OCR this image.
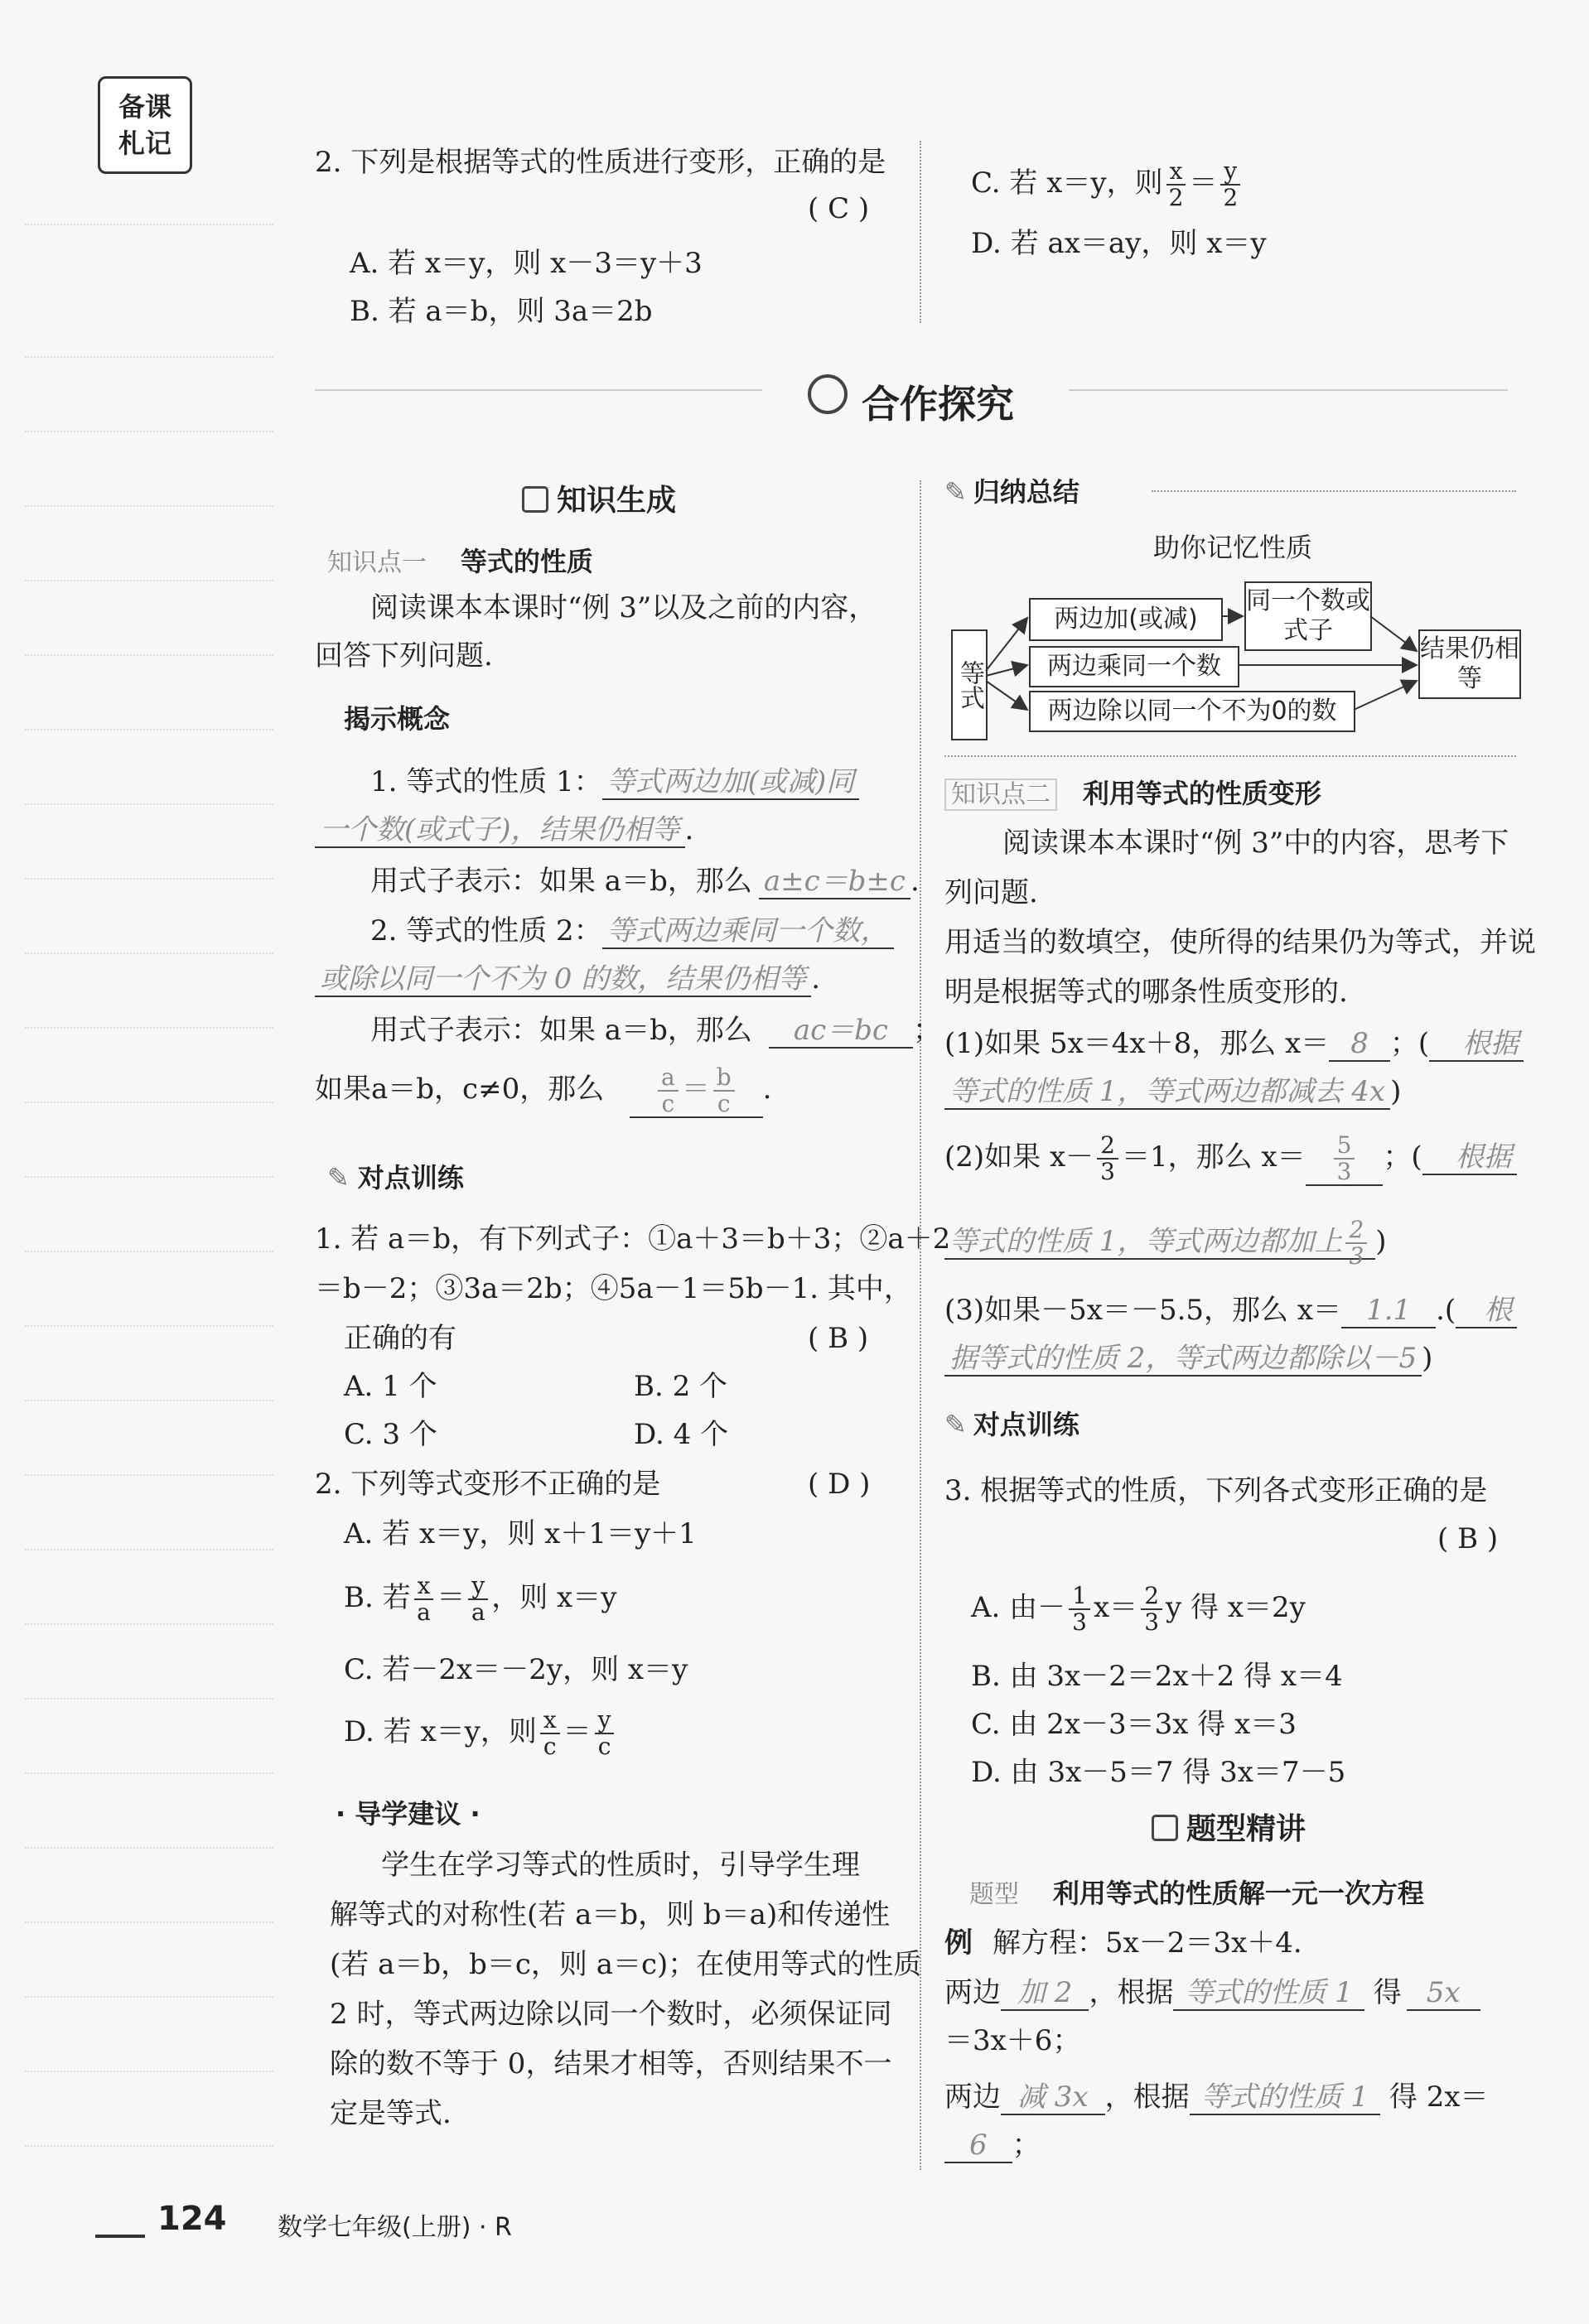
备课
札记
2. 下列是根据等式的性质进行变形，正确的是
( C )
A. 若 x＝y，则 x－3＝y＋3
B. 若 a＝b，则 3a＝2b
C. 若 x＝y，则 $\frac{x}{2} = \frac{y}{2}$
D. 若 ax＝ay，则 x＝y
合作探究
知识生成
知识点一 等式的性质
阅读课本本课时“例 3”以及之前的内容，
回答下列问题.
揭示概念
1. 等式的性质 1： 等式两边加(或减)同
一个数(或式子)，结果仍相等 .
用式子表示：如果 a＝b，那么 a±c＝b±c .
2. 等式的性质 2： 等式两边乘同一个数，
或除以同一个不为 0 的数，结果仍相等 .
用式子表示：如果 a＝b，那么 ac＝bc ；
如果a＝b，c≠0，那么 $\frac{a}{c} = \frac{b}{c}$ .
✎ 对点训练
1. 若 a＝b，有下列式子：①a＋3＝b＋3；②a＋2
＝b－2；③3a＝2b；④5a－1＝5b－1. 其中，
正确的有	( B )
A. 1 个	B. 2 个
C. 3 个	D. 4 个
2. 下列等式变形不正确的是	( D )
A. 若 x＝y，则 x＋1＝y＋1
B. 若 $\frac{x}{a} = \frac{y}{a}$ ，则 x＝y
C. 若－2x＝－2y，则 x＝y
D. 若 x＝y，则 $\frac{x}{c} = \frac{y}{c}$
· 导学建议 ·
学生在学习等式的性质时，引导学生理
解等式的对称性(若 a＝b，则 b＝a)和传递性
(若 a＝b，b＝c，则 a＝c)；在使用等式的性质
2 时，等式两边除以同一个数时，必须保证同
除的数不等于 0，结果才相等，否则结果不一
定是等式.
✎ 归纳总结
助你记忆性质
等式
两边加(或减)
同一个数或式子
两边乘同一个数
两边除以同一个不为0的数
结果仍相等
知识点二 利用等式的性质变形
阅读课本本课时“例 3”中的内容，思考下
列问题.
用适当的数填空，使所得的结果仍为等式，并说
明是根据等式的哪条性质变形的.
(1)如果 5x＝4x＋8，那么 x＝ 8 ；( 根据
等式的性质 1，等式两边都减去 4x )
(2)如果 $x- \frac{2}{3} =1$，那么 $x= \frac{5}{3}$ ；( 根据
等式的性质 1，等式两边都加上 $\frac{2}{3}$ )
(3)如果－5x＝－5.5，那么 x＝ 1.1 .( 根
据等式的性质 2，等式两边都除以－5 )
✎ 对点训练
3. 根据等式的性质，下列各式变形正确的是
( B )
A. 由－ $\frac{1}{3} x= \frac{2}{3}$ y 得 x＝2y
B. 由 3x－2＝2x＋2 得 x＝4
C. 由 2x－3＝3x 得 x＝3
D. 由 3x－5＝7 得 3x＝7－5
题型精讲
题型 利用等式的性质解一元一次方程
例 解方程：5x－2＝3x＋4.
两边 加 2 ，根据 等式的性质 1 得 5x
＝3x＋6；
两边 减 3x ，根据 等式的性质 1 得 2x＝
6 ；
124 数学七年级(上册) · R
